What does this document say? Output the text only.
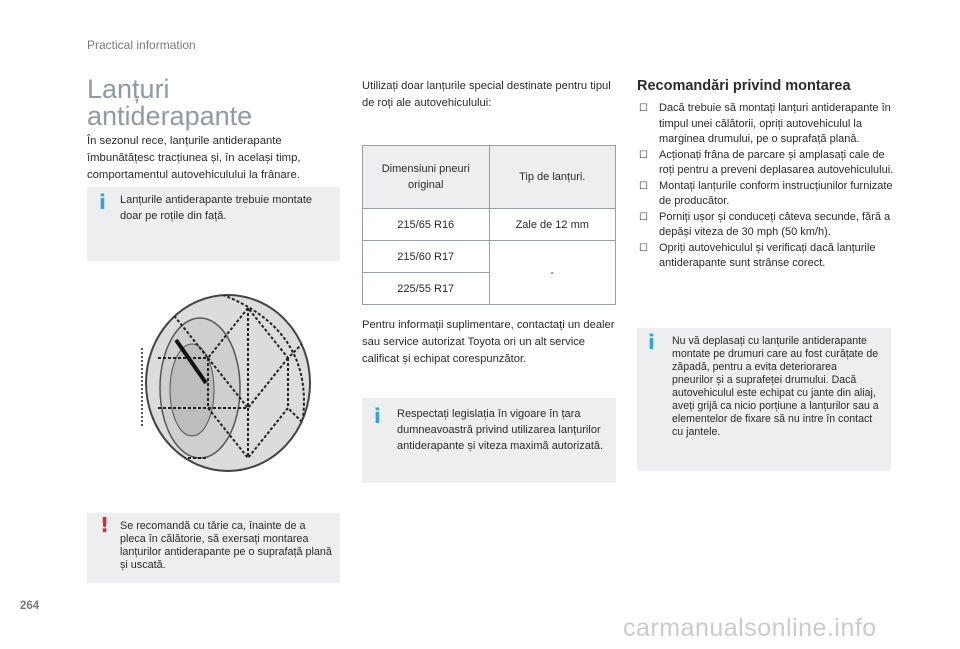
Practical information
Lanțuri antiderapante
În sezonul rece, lanțurile antiderapante îmbunătățesc tracțiunea și, în același timp, comportamentul autovehiculului la frânare.
i Lanțurile antiderapante trebuie montate doar pe roțile din față.
! Se recomandă cu tărie ca, înainte de a pleca în călătorie, să exersați montarea lanțurilor antiderapante pe o suprafață plană și uscată.
Utilizați doar lanțurile special destinate pentru tipul de roți ale autovehiculului:
Dimensiuni pneuri original	Tip de lanțuri.
215/65 R16	Zale de 12 mm
215/60 R17	-
225/55 R17	
Pentru informații suplimentare, contactați un dealer sau service autorizat Toyota ori un alt service calificat și echipat corespunzător.
i Respectați legislația în vigoare în țara dumneavoastră privind utilizarea lanțurilor antiderapante și viteza maximă autorizată.
Recomandări privind montarea
☐ Dacă trebuie să montați lanțuri antiderapante în timpul unei călătorii, opriți autovehiculul la marginea drumului, pe o suprafață plană.
☐ Acționați frâna de parcare și amplasați cale de roți pentru a preveni deplasarea autovehiculului.
☐ Montați lanțurile conform instrucțiunilor furnizate de producător.
☐ Porniți ușor și conduceți câteva secunde, fără a depăși viteza de 30 mph (50 km/h).
☐ Opriți autovehiculul și verificați dacă lanțurile antiderapante sunt strânse corect.
i Nu vă deplasați cu lanțurile antiderapante montate pe drumuri care au fost curățate de zăpadă, pentru a evita deteriorarea pneurilor și a suprafeței drumului. Dacă autovehiculul este echipat cu jante din aliaj, aveți grijă ca nicio porțiune a lanțurilor sau a elementelor de fixare să nu intre în contact cu jantele.
264
carmanualsonline.info
